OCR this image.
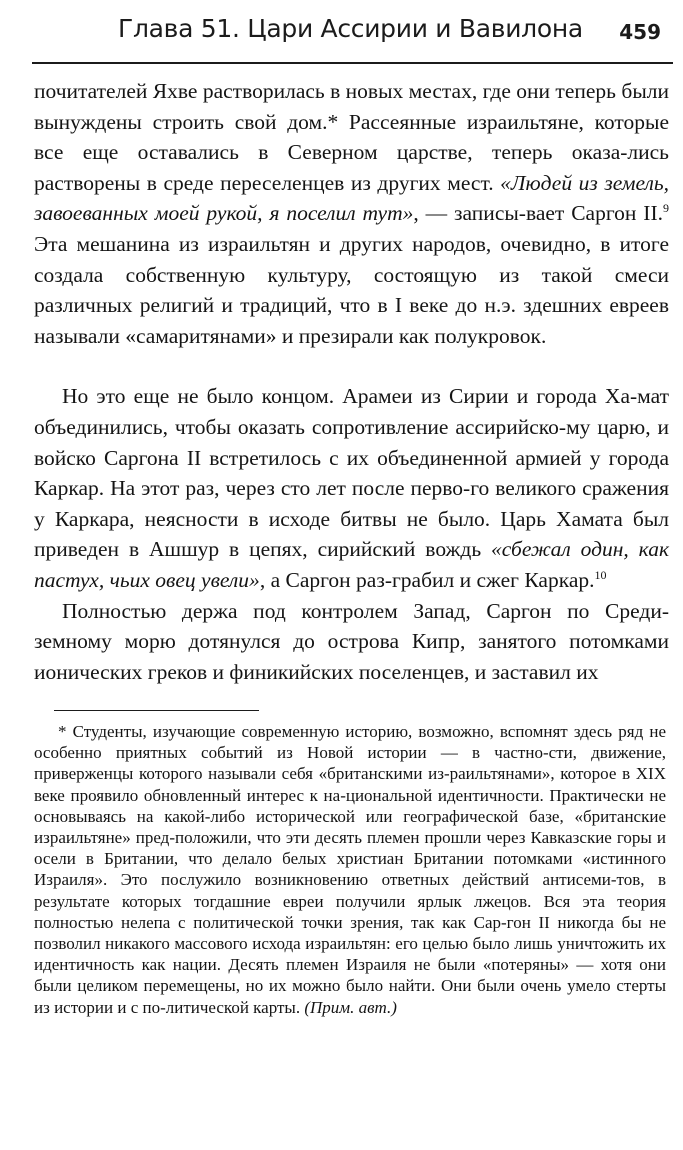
Глава 51. Цари Ассирии и Вавилона 459

почитателей Яхве растворилась в новых местах, где они теперь были вынуждены строить свой дом.* Рассеянные израильтяне, которые все еще оставались в Северном царстве, теперь оказа-лись растворены в среде переселенцев из других мест. «Людей из земель, завоеванных моей рукой, я поселил тут», — записы-вает Саргон II.$^9$ Эта мешанина из израильтян и других народов, очевидно, в итоге создала собственную культуру, состоящую из такой смеси различных религий и традиций, что в I веке до н.э. здешних евреев называли «самаритянами» и презирали как полукровок.

Но это еще не было концом. Арамеи из Сирии и города Ха-мат объединились, чтобы оказать сопротивление ассирийско-му царю, и войско Саргона II встретилось с их объединенной армией у города Каркар. На этот раз, через сто лет после перво-го великого сражения у Каркара, неясности в исходе битвы не было. Царь Хамата был приведен в Ашшур в цепях, сирийский вождь «сбежал один, как пастух, чьих овец увели», а Саргон раз-грабил и сжег Каркар.$^{10}$

Полностью держа под контролем Запад, Саргон по Среди-земному морю дотянулся до острова Кипр, занятого потомками ионических греков и финикийских поселенцев, и заставил их

* Студенты, изучающие современную историю, возможно, вспомнят здесь ряд не особенно приятных событий из Новой истории — в частно-сти, движение, приверженцы которого называли себя «британскими из-раильтянами», которое в XIX веке проявило обновленный интерес к на-циональной идентичности. Практически не основываясь на какой-либо исторической или географической базе, «британские израильтяне» пред-положили, что эти десять племен прошли через Кавказские горы и осели в Британии, что делало белых христиан Британии потомками «истинного Израиля». Это послужило возникновению ответных действий антисеми-тов, в результате которых тогдашние евреи получили ярлык лжецов. Вся эта теория полностью нелепа с политической точки зрения, так как Сар-гон II никогда бы не позволил никакого массового исхода израильтян: его целью было лишь уничтожить их идентичность как нации. Десять племен Израиля не были «потеряны» — хотя они были целиком перемещены, но их можно было найти. Они были очень умело стерты из истории и с по-литической карты. (Прим. авт.)
